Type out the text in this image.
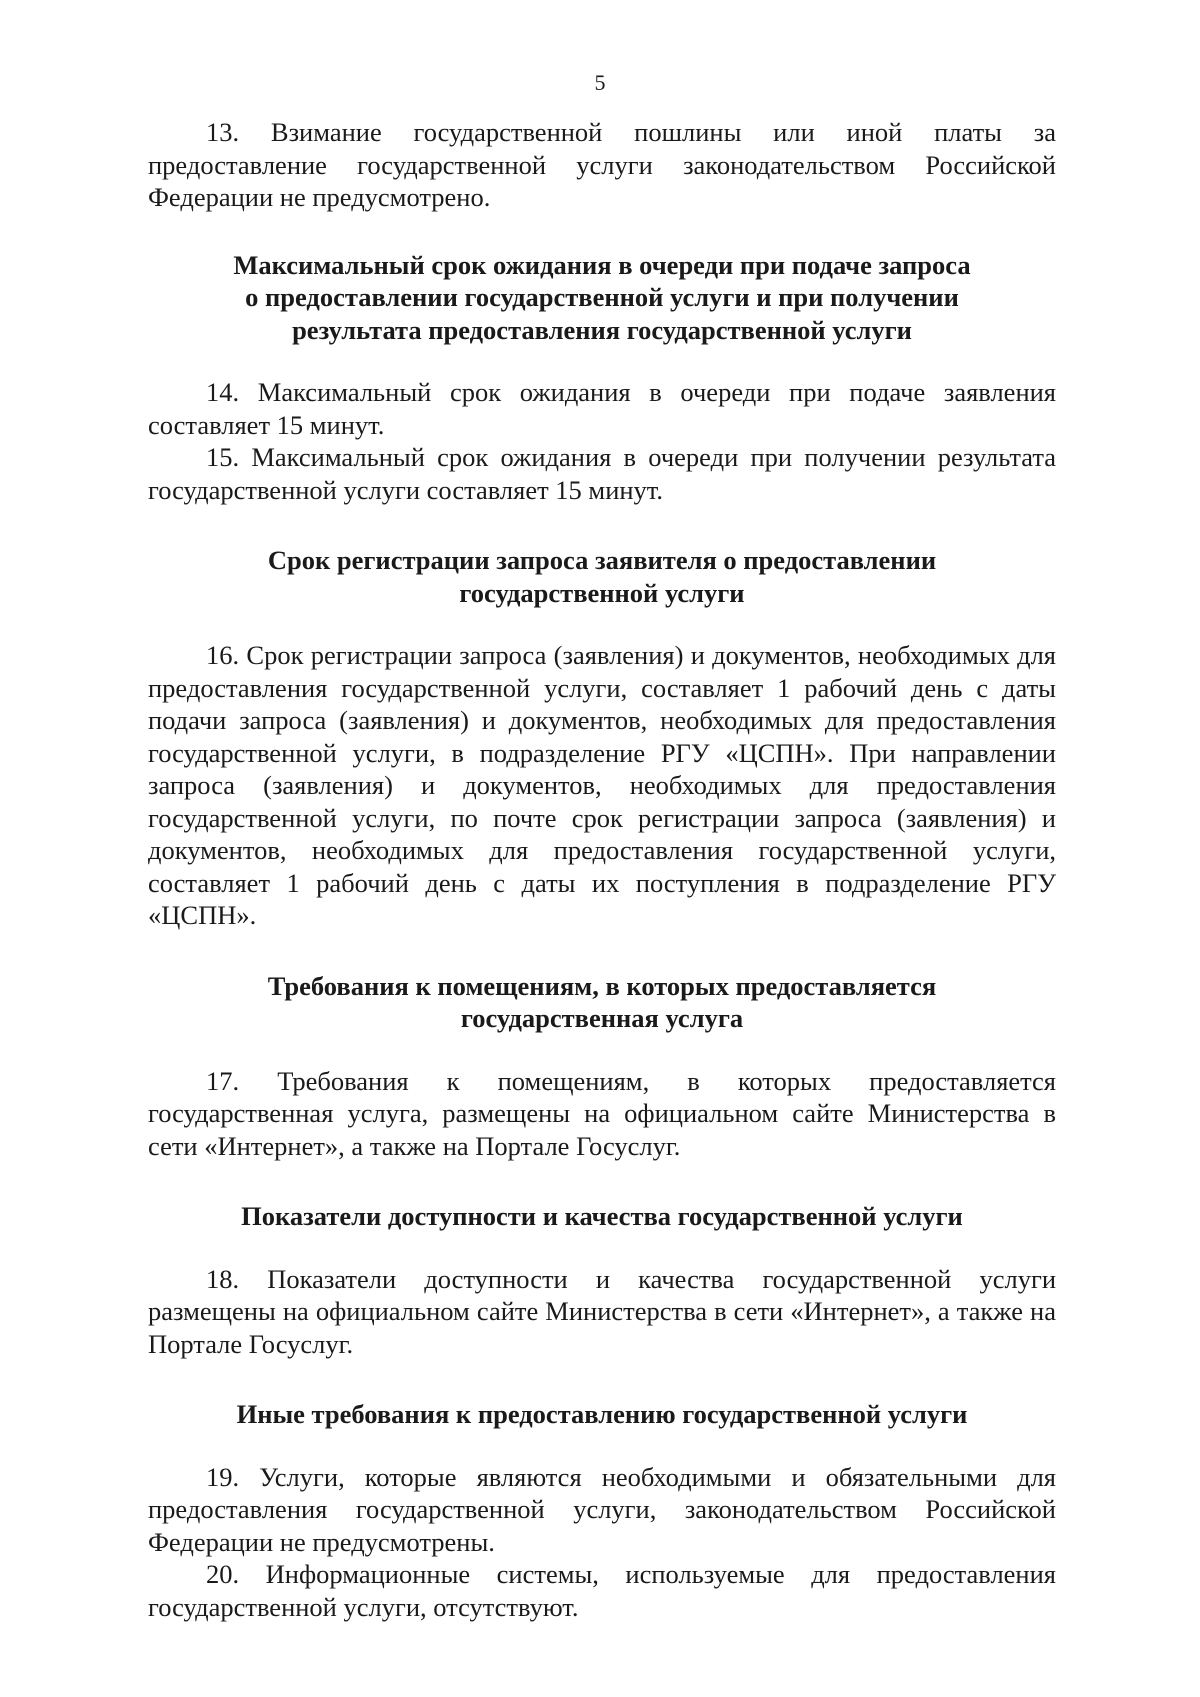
5

13. Взимание государственной пошлины или иной платы за предоставление государственной услуги законодательством Российской Федерации не предусмотрено.

Максимальный срок ожидания в очереди при подаче запроса
о предоставлении государственной услуги и при получении
результата предоставления государственной услуги

14. Максимальный срок ожидания в очереди при подаче заявления составляет 15 минут.

15. Максимальный срок ожидания в очереди при получении результата государственной услуги составляет 15 минут.

Срок регистрации запроса заявителя о предоставлении
государственной услуги

16. Срок регистрации запроса (заявления) и документов, необходимых для предоставления государственной услуги, составляет 1 рабочий день с даты подачи запроса (заявления) и документов, необходимых для предоставления государственной услуги, в подразделение РГУ «ЦСПН». При направлении запроса (заявления) и документов, необходимых для предоставления государственной услуги, по почте срок регистрации запроса (заявления) и документов, необходимых для предоставления государственной услуги, составляет 1 рабочий день с даты их поступления в подразделение РГУ «ЦСПН».

Требования к помещениям, в которых предоставляется
государственная услуга

17. Требования к помещениям, в которых предоставляется государственная услуга, размещены на официальном сайте Министерства в сети «Интернет», а также на Портале Госуслуг.

Показатели доступности и качества государственной услуги

18. Показатели доступности и качества государственной услуги размещены на официальном сайте Министерства в сети «Интернет», а также на Портале Госуслуг.

Иные требования к предоставлению государственной услуги

19. Услуги, которые являются необходимыми и обязательными для предоставления государственной услуги, законодательством Российской Федерации не предусмотрены.

20. Информационные системы, используемые для предоставления государственной услуги, отсутствуют.
